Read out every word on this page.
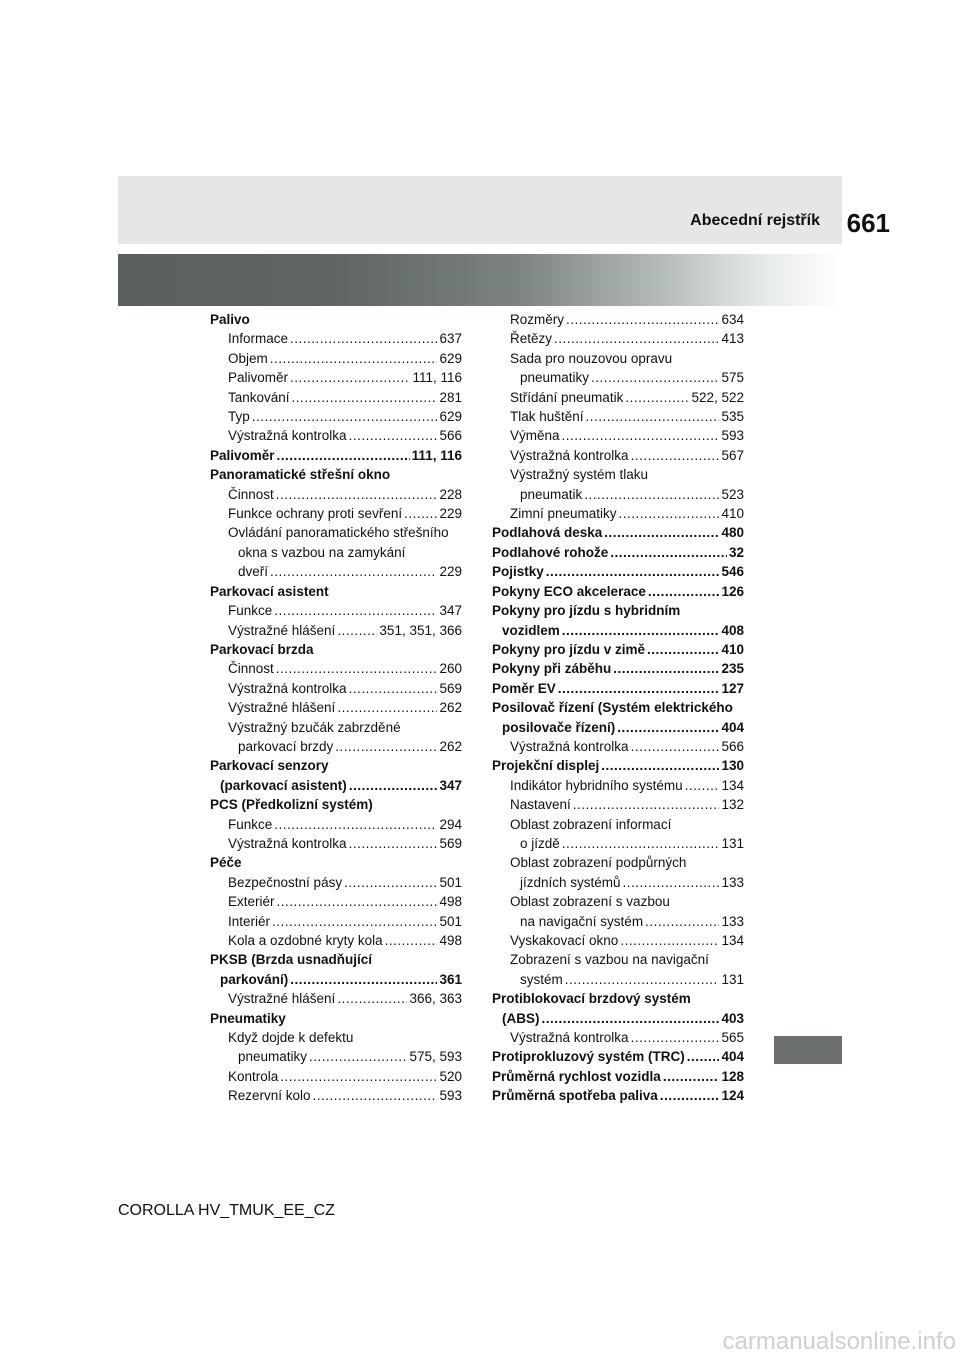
Abecední rejstřík 661
Palivo
Informace .....	637
Objem .....	629
Palivoměr .....	111, 116
Tankování .....	281
Typ .....	629
Výstražná kontrolka .....	566
Palivoměr .....	111, 116
Panoramatické střešní okno
Činnost .....	228
Funkce ochrany proti sevření .....	229
Ovládání panoramatického střešního
okna s vazbou na zamykání
dveří .....	229
Parkovací asistent
Funkce .....	347
Výstražné hlášení .....	351, 351, 366
Parkovací brzda
Činnost .....	260
Výstražná kontrolka .....	569
Výstražné hlášení .....	262
Výstražný bzučák zabrzděné
parkovací brzdy .....	262
Parkovací senzory
(parkovací asistent) .....	347
PCS (Předkolizní systém)
Funkce .....	294
Výstražná kontrolka .....	569
Péče
Bezpečnostní pásy .....	501
Exteriér .....	498
Interiér .....	501
Kola a ozdobné kryty kola .....	498
PKSB (Brzda usnadňující
parkování) .....	361
Výstražné hlášení .....	366, 363
Pneumatiky
Když dojde k defektu
pneumatiky .....	575, 593
Kontrola .....	520
Rezervní kolo .....	593
Rozměry .....	634
Řetězy .....	413
Sada pro nouzovou opravu
pneumatiky .....	575
Střídání pneumatik .....	522, 522
Tlak huštění .....	535
Výměna .....	593
Výstražná kontrolka .....	567
Výstražný systém tlaku
pneumatik .....	523
Zimní pneumatiky .....	410
Podlahová deska .....	480
Podlahové rohože .....	32
Pojistky .....	546
Pokyny ECO akcelerace .....	126
Pokyny pro jízdu s hybridním
vozidlem .....	408
Pokyny pro jízdu v zimě .....	410
Pokyny při záběhu .....	235
Poměr EV .....	127
Posilovač řízení (Systém elektrického
posilovače řízení) .....	404
Výstražná kontrolka .....	566
Projekční displej .....	130
Indikátor hybridního systému .....	134
Nastavení .....	132
Oblast zobrazení informací
o jízdě .....	131
Oblast zobrazení podpůrných
jízdních systémů .....	133
Oblast zobrazení s vazbou
na navigační systém .....	133
Vyskakovací okno .....	134
Zobrazení s vazbou na navigační
systém .....	131
Protiblokovací brzdový systém
(ABS) .....	403
Výstražná kontrolka .....	565
Protiprokluzový systém (TRC) .....	404
Průměrná rychlost vozidla .....	128
Průměrná spotřeba paliva .....	124
COROLLA HV_TMUK_EE_CZ
carmanualsonline.info
